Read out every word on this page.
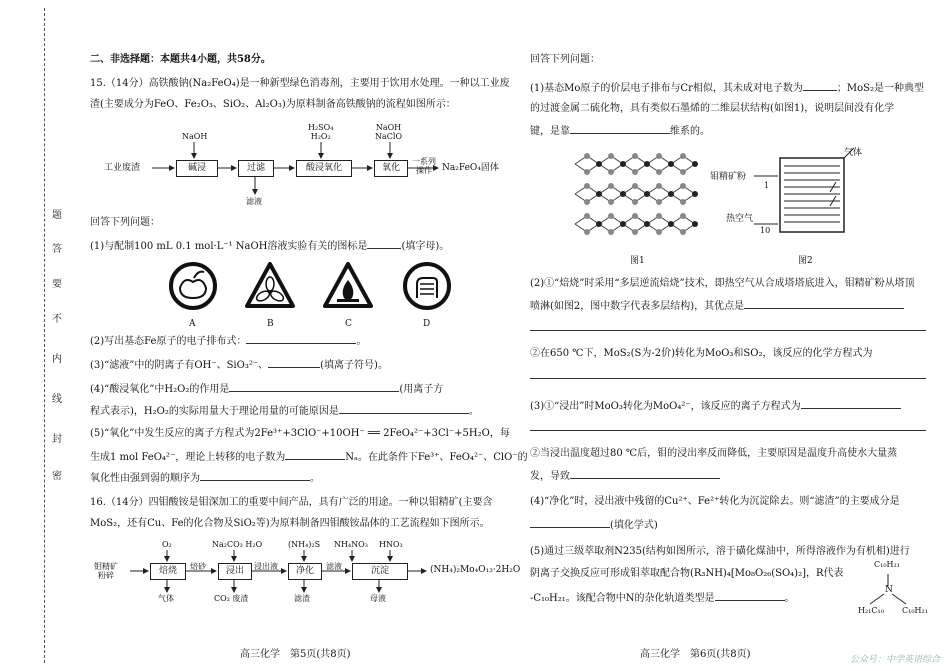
题
答
要
不
内
线
封
密
二、非选择题：本题共4小题，共58分。
15.（14分）高铁酸钠(Na₂FeO₄)是一种新型绿色消毒剂，主要用于饮用水处理。一种以工业废
渣(主要成分为FeO、Fe₂O₃、SiO₂、Al₂O₃)为原料制备高铁酸钠的流程如图所示：
工业废渣	碱浸	过滤	酸浸氧化	氧化
NaOH
H₂SO₄
H₂O₂
NaOH
NaClO
滤液
一系列
操作	Na₂FeO₄固体
回答下列问题：
(1)与配制100 mL 0.1 mol·L⁻¹ NaOH溶液实验有关的图标是	(填字母)。
A	B	C	D
(2)写出基态Fe原子的电子排布式：	。
(3)“滤液”中的阴离子有OH⁻、SiO₃²⁻、	(填离子符号)。
(4)“酸浸氧化”中H₂O₂的作用是	(用离子方
程式表示)，H₂O₂的实际用量大于理论用量的可能原因是	。
(5)“氧化”中发生反应的离子方程式为2Fe³⁺+3ClO⁻+10OH⁻ ══ 2FeO₄²⁻+3Cl⁻+5H₂O，每
生成1 mol FeO₄²⁻，理论上转移的电子数为	Nₐ。在此条件下Fe³⁺、FeO₄²⁻、ClO⁻的
氧化性由强到弱的顺序为	。
16.（14分）四钼酸铵是钼深加工的重要中间产品，具有广泛的用途。一种以钼精矿(主要含
MoS₂，还有Cu、Fe的化合物及SiO₂等)为原料制备四钼酸铵晶体的工艺流程如下图所示。
钼精矿
粉碎	焙烧	浸出	净化	沉淀
O₂	Na₂CO₃ H₂O	(NH₄)₂S NH₄NO₃ HNO₃
焙砂	浸出液	滤液
气体	CO₂ 废渣	滤渣	母液
(NH₄)₂Mo₄O₁₃·2H₂O
高三化学　第5页(共8页)
回答下列问题：
(1)基态Mo原子的价层电子排布与Cr相似，其未成对电子数为	；MoS₂是一种典型
的过渡金属二硫化物，具有类似石墨烯的二维层状结构(如图1)，说明层间没有化学
键，是靠	维系的。
图1
气体
钼精矿粉
1
热空气
10
图2
(2)①“焙烧”时采用“多层逆流焙烧”技术，即热空气从合成塔塔底进入，钼精矿粉从塔顶
喷淋(如图2，图中数字代表多层结构)，其优点是
②在650 ℃下，MoS₂(S为-2价)转化为MoO₃和SO₂，该反应的化学方程式为
(3)①“浸出”时MoO₃转化为MoO₄²⁻，该反应的离子方程式为
②当浸出温度超过80 ℃后，钼的浸出率反而降低，主要原因是温度升高使水大量蒸
发，导致
(4)“净化”时，浸出液中残留的Cu²⁺、Fe²⁺转化为沉淀除去。则“滤渣”的主要成分是
(填化学式)
(5)通过三级萃取剂N235(结构如图所示，溶于磺化煤油中，所得溶液作为有机相)进行
阴离子交换反应可形成钼萃取配合物(R₃NH)₄[Mo₈O₂₆(SO₄)₂]，R代表
-C₁₀H₂₁。该配合物中N的杂化轨道类型是	。
C₁₀H₂₁
N
H₂₁C₁₀ C₁₀H₂₁
高三化学　第6页(共8页)	公众号：中学英语综合
